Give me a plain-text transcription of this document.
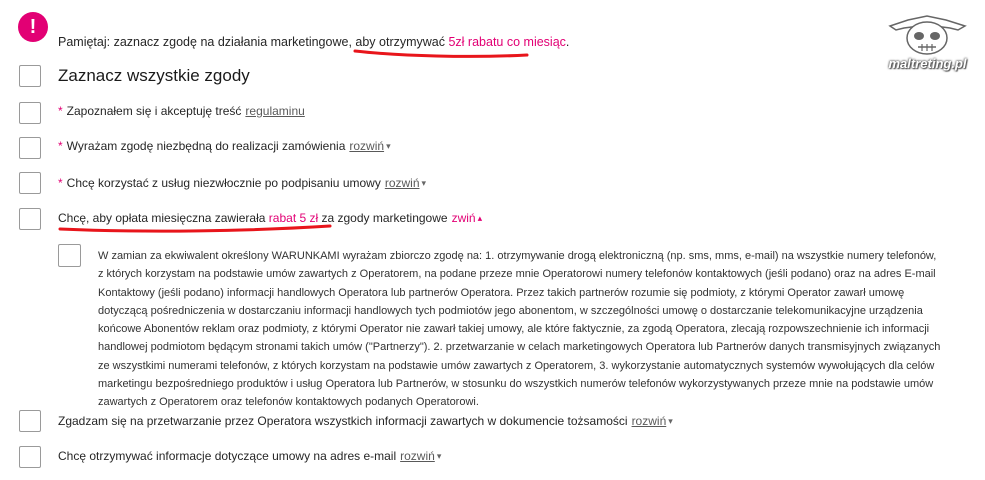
!
Pamiętaj: zaznacz zgodę na działania marketingowe, aby otrzymywać 5zł rabatu co miesiąc.
Zaznacz wszystkie zgody
* Zapoznałem się i akceptuję treść regulaminu
* Wyrażam zgodę niezbędną do realizacji zamówienia rozwiń ▾
* Chcę korzystać z usług niezwłocznie po podpisaniu umowy rozwiń ▾
Chcę, aby opłata miesięczna zawierała rabat 5 zł za zgody marketingowe zwiń ▴
W zamian za ekwiwalent określony WARUNKAMI wyrażam zbiorczo zgodę na: 1. otrzymywanie drogą elektroniczną (np. sms, mms, e-mail) na wszystkie numery telefonów, z których korzystam na podstawie umów zawartych z Operatorem, na podane przeze mnie Operatorowi numery telefonów kontaktowych (jeśli podano) oraz na adres E-mail Kontaktowy (jeśli podano) informacji handlowych Operatora lub partnerów Operatora. Przez takich partnerów rozumie się podmioty, z którymi Operator zawarł umowę dotyczącą pośredniczenia w dostarczaniu informacji handlowych tych podmiotów jego abonentom, w szczególności umowę o dostarczanie telekomunikacyjne urządzenia końcowe Abonentów reklam oraz podmioty, z którymi Operator nie zawarł takiej umowy, ale które faktycznie, za zgodą Operatora, zlecają rozpowszechnienie ich informacji handlowej podmiotom będącym stronami takich umów ("Partnerzy"). 2. przetwarzanie w celach marketingowych Operatora lub Partnerów danych transmisyjnych związanych ze wszystkimi numerami telefonów, z których korzystam na podstawie umów zawartych z Operatorem, 3. wykorzystanie automatycznych systemów wywołujących dla celów marketingu bezpośredniego produktów i usług Operatora lub Partnerów, w stosunku do wszystkich numerów telefonów wykorzystywanych przeze mnie na podstawie umów zawartych z Operatorem oraz telefonów kontaktowych podanych Operatorowi.
Zgadzam się na przetwarzanie przez Operatora wszystkich informacji zawartych w dokumencie tożsamości rozwiń ▾
Chcę otrzymywać informacje dotyczące umowy na adres e-mail rozwiń ▾
maltreting.pl
